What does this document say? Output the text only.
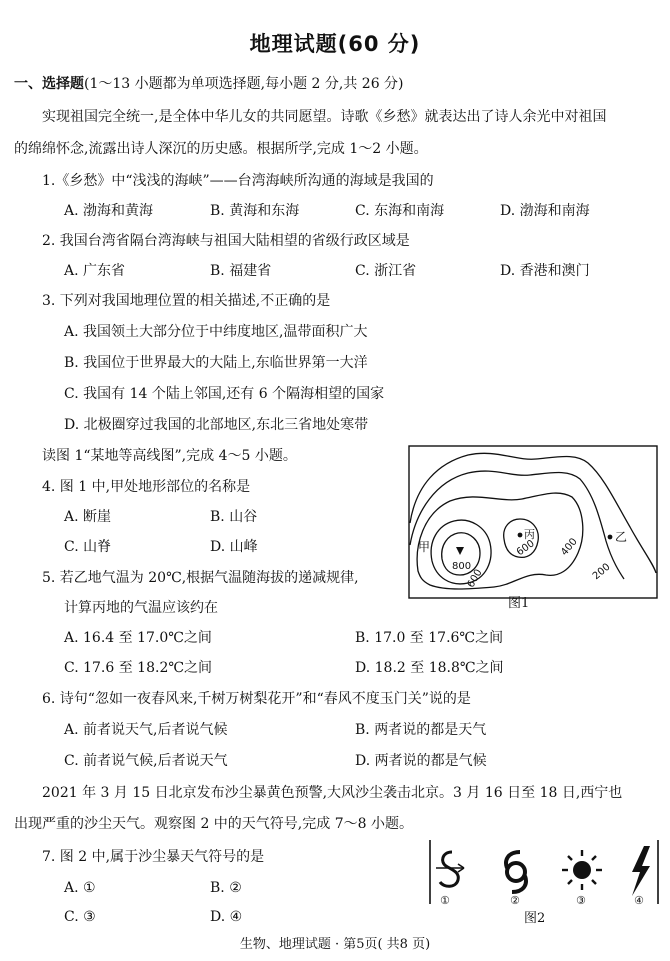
地理试题(60 分)
一、选择题(1～13 小题都为单项选择题,每小题 2 分,共 26 分)
实现祖国完全统一,是全体中华儿女的共同愿望。诗歌《乡愁》就表达出了诗人余光中对祖国
的绵绵怀念,流露出诗人深沉的历史感。根据所学,完成 1～2 小题。
1.《乡愁》中“浅浅的海峡”——台湾海峡所沟通的海域是我国的
A. 渤海和黄海	B. 黄海和东海	C. 东海和南海	D. 渤海和南海
2. 我国台湾省隔台湾海峡与祖国大陆相望的省级行政区域是
A. 广东省	B. 福建省	C. 浙江省	D. 香港和澳门
3. 下列对我国地理位置的相关描述,不正确的是
A. 我国领土大部分位于中纬度地区,温带面积广大
B. 我国位于世界最大的大陆上,东临世界第一大洋
C. 我国有 14 个陆上邻国,还有 6 个隔海相望的国家
D. 北极圈穿过我国的北部地区,东北三省地处寒带
读图 1“某地等高线图”,完成 4～5 小题。
4. 图 1 中,甲处地形部位的名称是
A. 断崖	B. 山谷
C. 山脊	D. 山峰
5. 若乙地气温为 20℃,根据气温随海拔的递减规律,
计算丙地的气温应该约在
A. 16.4 至 17.0℃之间	B. 17.0 至 17.6℃之间
C. 17.6 至 18.2℃之间	D. 18.2 至 18.8℃之间
6. 诗句“忽如一夜春风来,千树万树梨花开”和“春风不度玉门关”说的是
A. 前者说天气,后者说气候	B. 两者说的都是天气
C. 前者说气候,后者说天气	D. 两者说的都是气候
2021 年 3 月 15 日北京发布沙尘暴黄色预警,大风沙尘袭击北京。3 月 16 日至 18 日,西宁也
出现严重的沙尘天气。观察图 2 中的天气符号,完成 7～8 小题。
7. 图 2 中,属于沙尘暴天气符号的是
A. ①	B. ②
C. ③	D. ④
甲
丙	乙
800
600
600 400
200
图1
①	②	③	④
图2
生物、地理试题 · 第5页( 共8 页)
